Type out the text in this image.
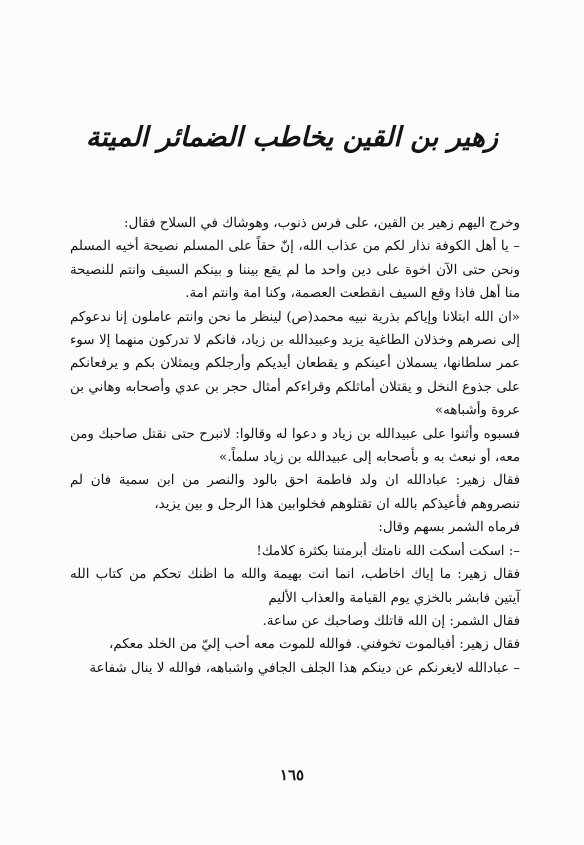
زهير بن القين يخاطب الضمائر الميتة

وخرج اليهم زهير بن القين، على فرس ذنوب، وهوشاك في السلاح فقال:

– يا أهل الكوفة نذار لكم من عذاب الله، إنّ حقاً على المسلم نصيحة أخيه المسلم ونحن حتى الآن اخوة على دين واحد ما لم يقع بيننا و بينكم السيف وانتم للنصيحة منا أهل فاذا وقع السيف انقطعت العصمة، وكنا امة وانتم امة.

«ان الله ابتلانا وإياكم بذرية نبيه محمد(ص) لينظر ما نحن وانتم عاملون إنا ندعوكم إلى نصرهم وخذلان الطاغية يزيد وعبيدالله بن زياد، فانكم لا تدركون منهما إلا سوء عمر سلطانها، يسملان أعينكم و يقطعان أيديكم وأرجلكم ويمثلان بكم و يرفعانكم على جذوع النخل و يقتلان أماثلكم وقراءكم أمثال حجر بن عدي وأصحابه وهاني بن عروة وأشباهه»

فسبوه وأثنوا على عبيدالله بن زياد و دعوا له وقالوا: لانبرح حتى نقتل صاحبك ومن معه، أو نبعث به و بأصحابه إلى عبيدالله بن زياد سلماً.»

فقال زهير: عبادالله ان ولد فاطمة احق بالود والنصر من ابن سمية فان لم تنصروهم فأعيذكم بالله ان تقتلوهم فخلوابين هذا الرجل و بين يزيد،

فرماه الشمر بسهم وقال:

–: اسكت أسكت الله نامتك أبرمتنا بكثرة كلامك!

فقال زهير: ما إياك اخاطب، انما انت بهيمة والله ما اظنك تحكم من كتاب الله آيتين فابشر بالخزي يوم القيامة والعذاب الأليم

فقال الشمر: إن الله قاتلك وصاحبك عن ساعة.

فقال زهير: أفبالموت تخوفني. فوالله للموت معه أحب إليّ من الخلد معكم،

– عبادالله لايغرنكم عن دينكم هذا الجلف الجافي واشباهه، فوالله لا ينال شفاعة

١٦٥
